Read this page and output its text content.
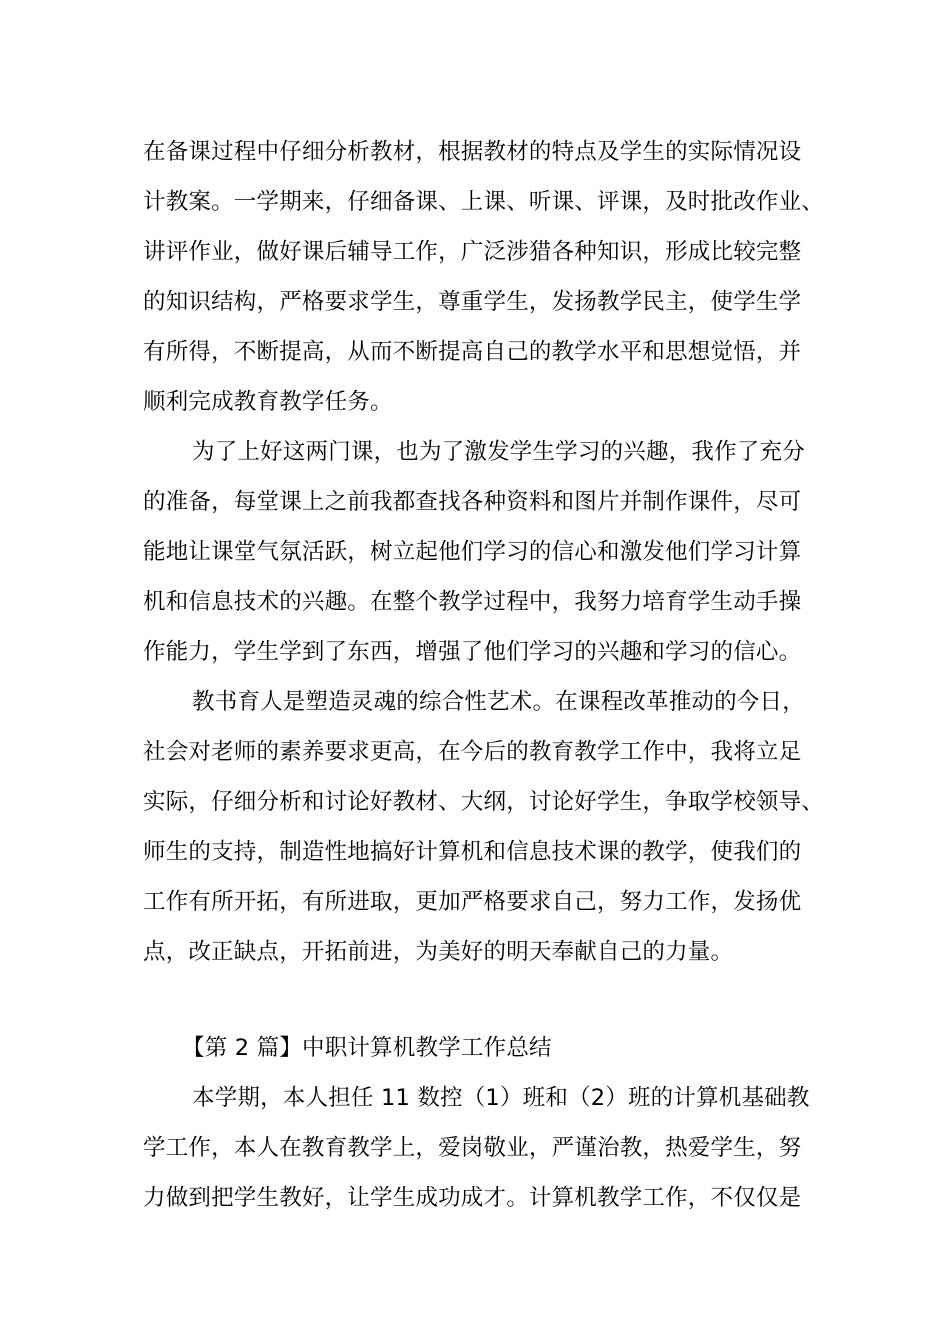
在备课过程中仔细分析教材，根据教材的特点及学生的实际情况设
计教案。一学期来，仔细备课、上课、听课、评课，及时批改作业、
讲评作业，做好课后辅导工作，广泛涉猎各种知识，形成比较完整
的知识结构，严格要求学生，尊重学生，发扬教学民主，使学生学
有所得，不断提高，从而不断提高自己的教学水平和思想觉悟，并
顺利完成教育教学任务。
为了上好这两门课，也为了激发学生学习的兴趣，我作了充分
的准备，每堂课上之前我都查找各种资料和图片并制作课件，尽可
能地让课堂气氛活跃，树立起他们学习的信心和激发他们学习计算
机和信息技术的兴趣。在整个教学过程中，我努力培育学生动手操
作能力，学生学到了东西，增强了他们学习的兴趣和学习的信心。
教书育人是塑造灵魂的综合性艺术。在课程改革推动的今日，
社会对老师的素养要求更高，在今后的教育教学工作中，我将立足
实际，仔细分析和讨论好教材、大纲，讨论好学生，争取学校领导、
师生的支持，制造性地搞好计算机和信息技术课的教学，使我们的
工作有所开拓，有所进取，更加严格要求自己，努力工作，发扬优
点，改正缺点，开拓前进，为美好的明天奉献自己的力量。
【第 2 篇】中职计算机教学工作总结
本学期，本人担任 11 数控（1）班和（2）班的计算机基础教
学工作，本人在教育教学上，爱岗敬业，严谨治教，热爱学生，努
力做到把学生教好，让学生成功成才。计算机教学工作，不仅仅是
